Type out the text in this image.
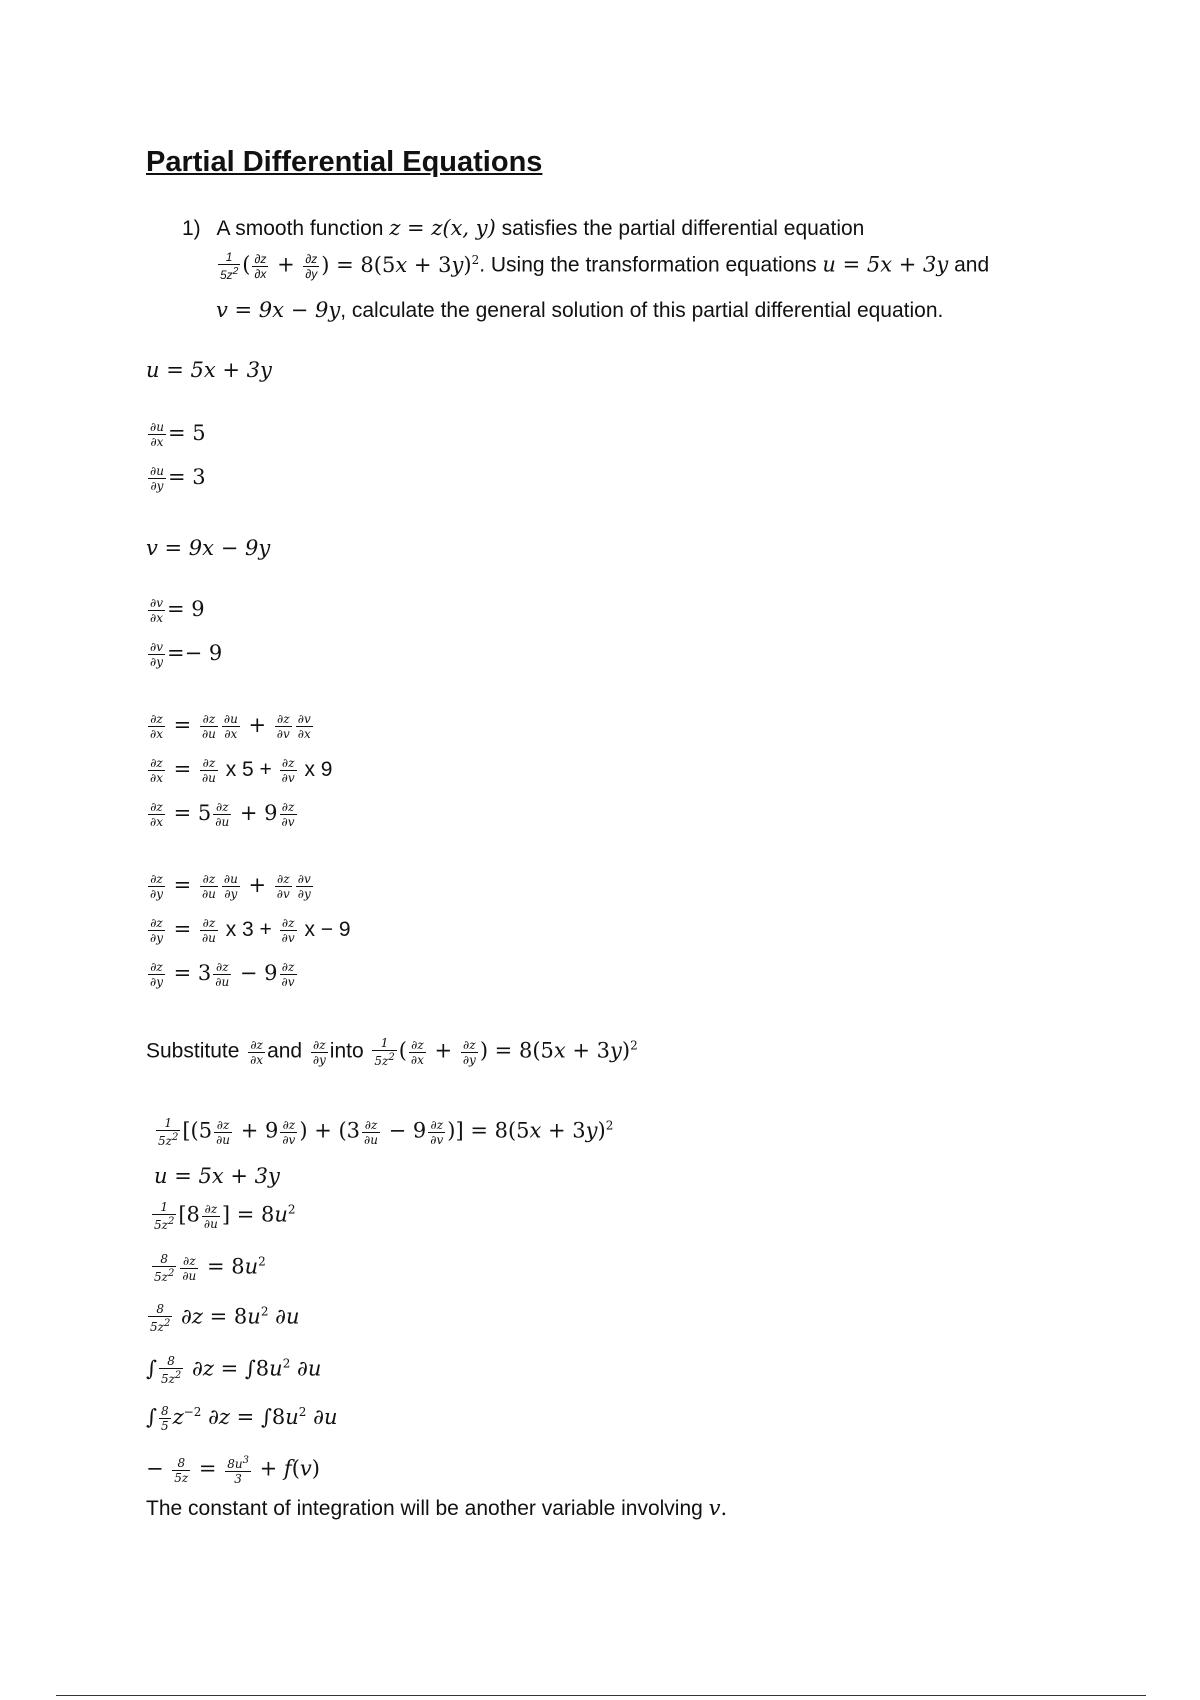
Partial Differential Equations
1) A smooth function z = z(x, y) satisfies the partial differential equation
$\frac{1}{5z^2}$ ( $\frac{\partial z}{\partial x} + \frac{\partial z}{\partial y}$ ) = $8(5x + 3y)^2$. Using the transformation equations u = 5x + 3y and
v = 9x − 9y, calculate the general solution of this partial differential equation.
u = 5x + 3y
$\frac{\partial u}{\partial x} = 5$
$\frac{\partial u}{\partial y} = 3$
v = 9x − 9y
$\frac{\partial v}{\partial x} = 9$
$\frac{\partial v}{\partial y} =- 9$
$\frac{\partial z}{\partial x} = \frac{\partial z}{\partial u} \frac{\partial u}{\partial x} + \frac{\partial z}{\partial v} \frac{\partial v}{\partial x}$
$\frac{\partial z}{\partial x} = \frac{\partial z}{\partial u}$ x $5 + \frac{\partial z}{\partial v}$ x 9
$\frac{\partial z}{\partial x} = 5 \frac{\partial z}{\partial u} + 9 \frac{\partial z}{\partial v}$
$\frac{\partial z}{\partial y} = \frac{\partial z}{\partial u} \frac{\partial u}{\partial y} + \frac{\partial z}{\partial v} \frac{\partial v}{\partial y}$
$\frac{\partial z}{\partial y} = \frac{\partial z}{\partial u}$ x $3 + \frac{\partial z}{\partial v}$ x − 9
$\frac{\partial z}{\partial y} = 3 \frac{\partial z}{\partial u} - 9 \frac{\partial z}{\partial v}$
Substitute $\frac{\partial z}{\partial x}$ and $\frac{\partial z}{\partial y}$ into $\frac{1}{5z^2}$ ( $\frac{\partial z}{\partial x} + \frac{\partial z}{\partial y}$ ) = $8(5x + 3y)^2$
$\frac{1}{5z^2} [(5 \frac{\partial z}{\partial u} + 9 \frac{\partial z}{\partial v}$ ) + ($3 \frac{\partial z}{\partial u} - 9 \frac{\partial z}{\partial v}$ )] = $8(5x + 3y)^2$
u = 5x + 3y
$\frac{1}{5z^2} [8 \frac{\partial z}{\partial u}$ ] = $8u^2$
$\frac{8}{5z^2} \frac{\partial z}{\partial u} = 8u^2$
$\frac{8}{5z^2} \partial z = 8u^2$ ∂u
∫ $\frac{8}{5z^2} \partial z = \int 8u^2$ ∂u
∫ $\frac{8}{5} z^{-2}$ $\partial z = \int 8u^2$ ∂u
− $\frac{8}{5z} = \frac{8u^3}{3} + f(v)$
The constant of integration will be another variable involving v.
